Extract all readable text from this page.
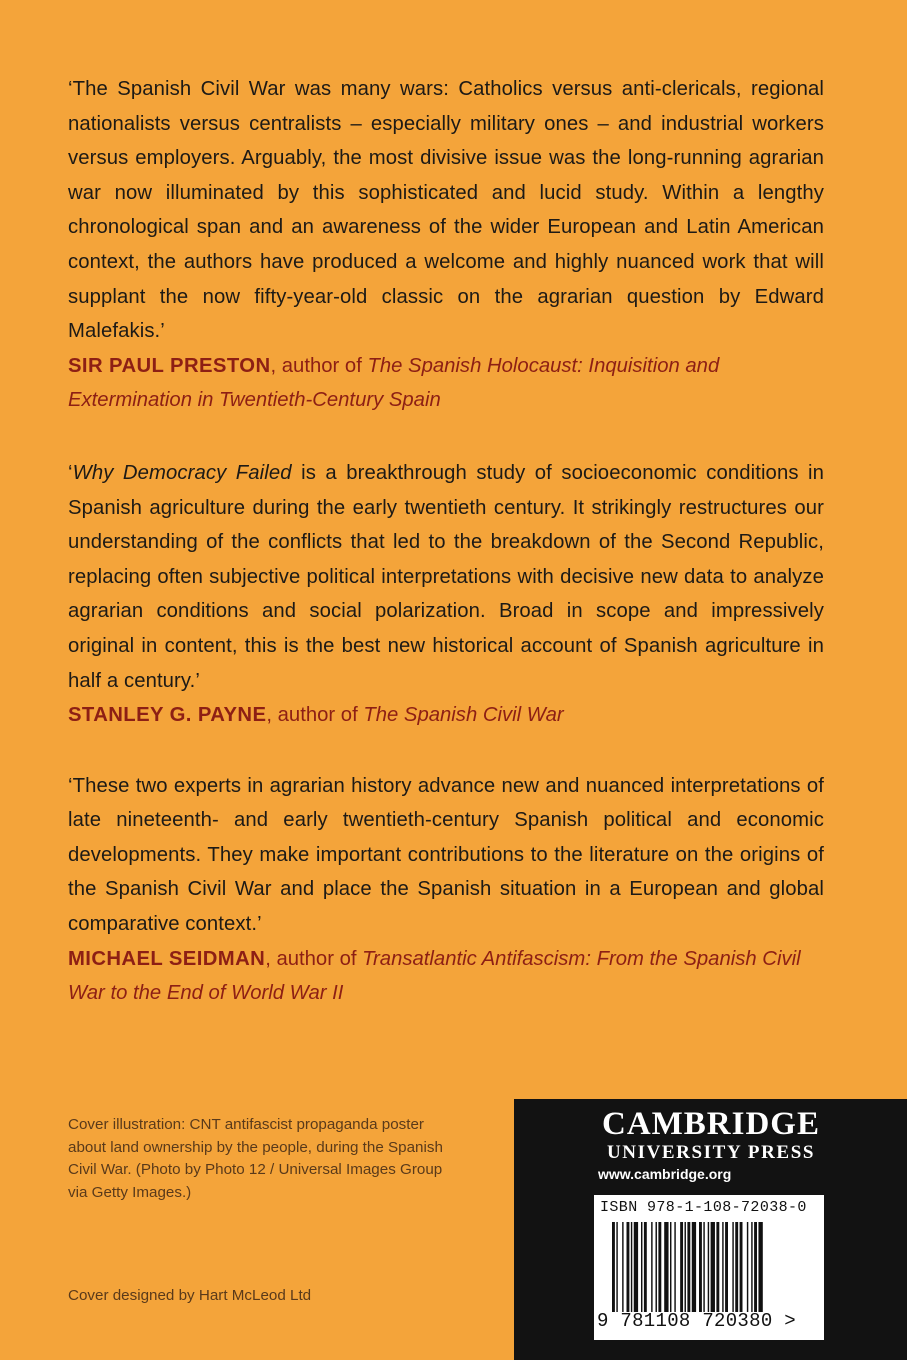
‘The Spanish Civil War was many wars: Catholics versus anti-clericals, regional nationalists versus centralists – especially military ones – and industrial workers versus employers. Arguably, the most divisive issue was the long-running agrarian war now illuminated by this sophisticated and lucid study. Within a lengthy chronological span and an awareness of the wider European and Latin American context, the authors have produced a welcome and highly nuanced work that will supplant the now fifty-year-old classic on the agrarian question by Edward Malefakis.’

SIR PAUL PRESTON, author of The Spanish Holocaust: Inquisition and Extermination in Twentieth-Century Spain

‘Why Democracy Failed is a breakthrough study of socioeconomic conditions in Spanish agriculture during the early twentieth century. It strikingly restructures our understanding of the conflicts that led to the breakdown of the Second Republic, replacing often subjective political interpretations with decisive new data to analyze agrarian conditions and social polarization. Broad in scope and impressively original in content, this is the best new historical account of Spanish agriculture in half a century.’

STANLEY G. PAYNE, author of The Spanish Civil War

‘These two experts in agrarian history advance new and nuanced interpretations of late nineteenth- and early twentieth-century Spanish political and economic developments. They make important contributions to the literature on the origins of the Spanish Civil War and place the Spanish situation in a European and global comparative context.’

MICHAEL SEIDMAN, author of Transatlantic Antifascism: From the Spanish Civil War to the End of World War II

Cover illustration: CNT antifascist propaganda poster about land ownership by the people, during the Spanish Civil War. (Photo by Photo 12 / Universal Images Group via Getty Images.)

Cover designed by Hart McLeod Ltd
CAMBRIDGE
UNIVERSITY PRESS
www.cambridge.org
ISBN 978-1-108-72038-0
9 781108 720380 >
